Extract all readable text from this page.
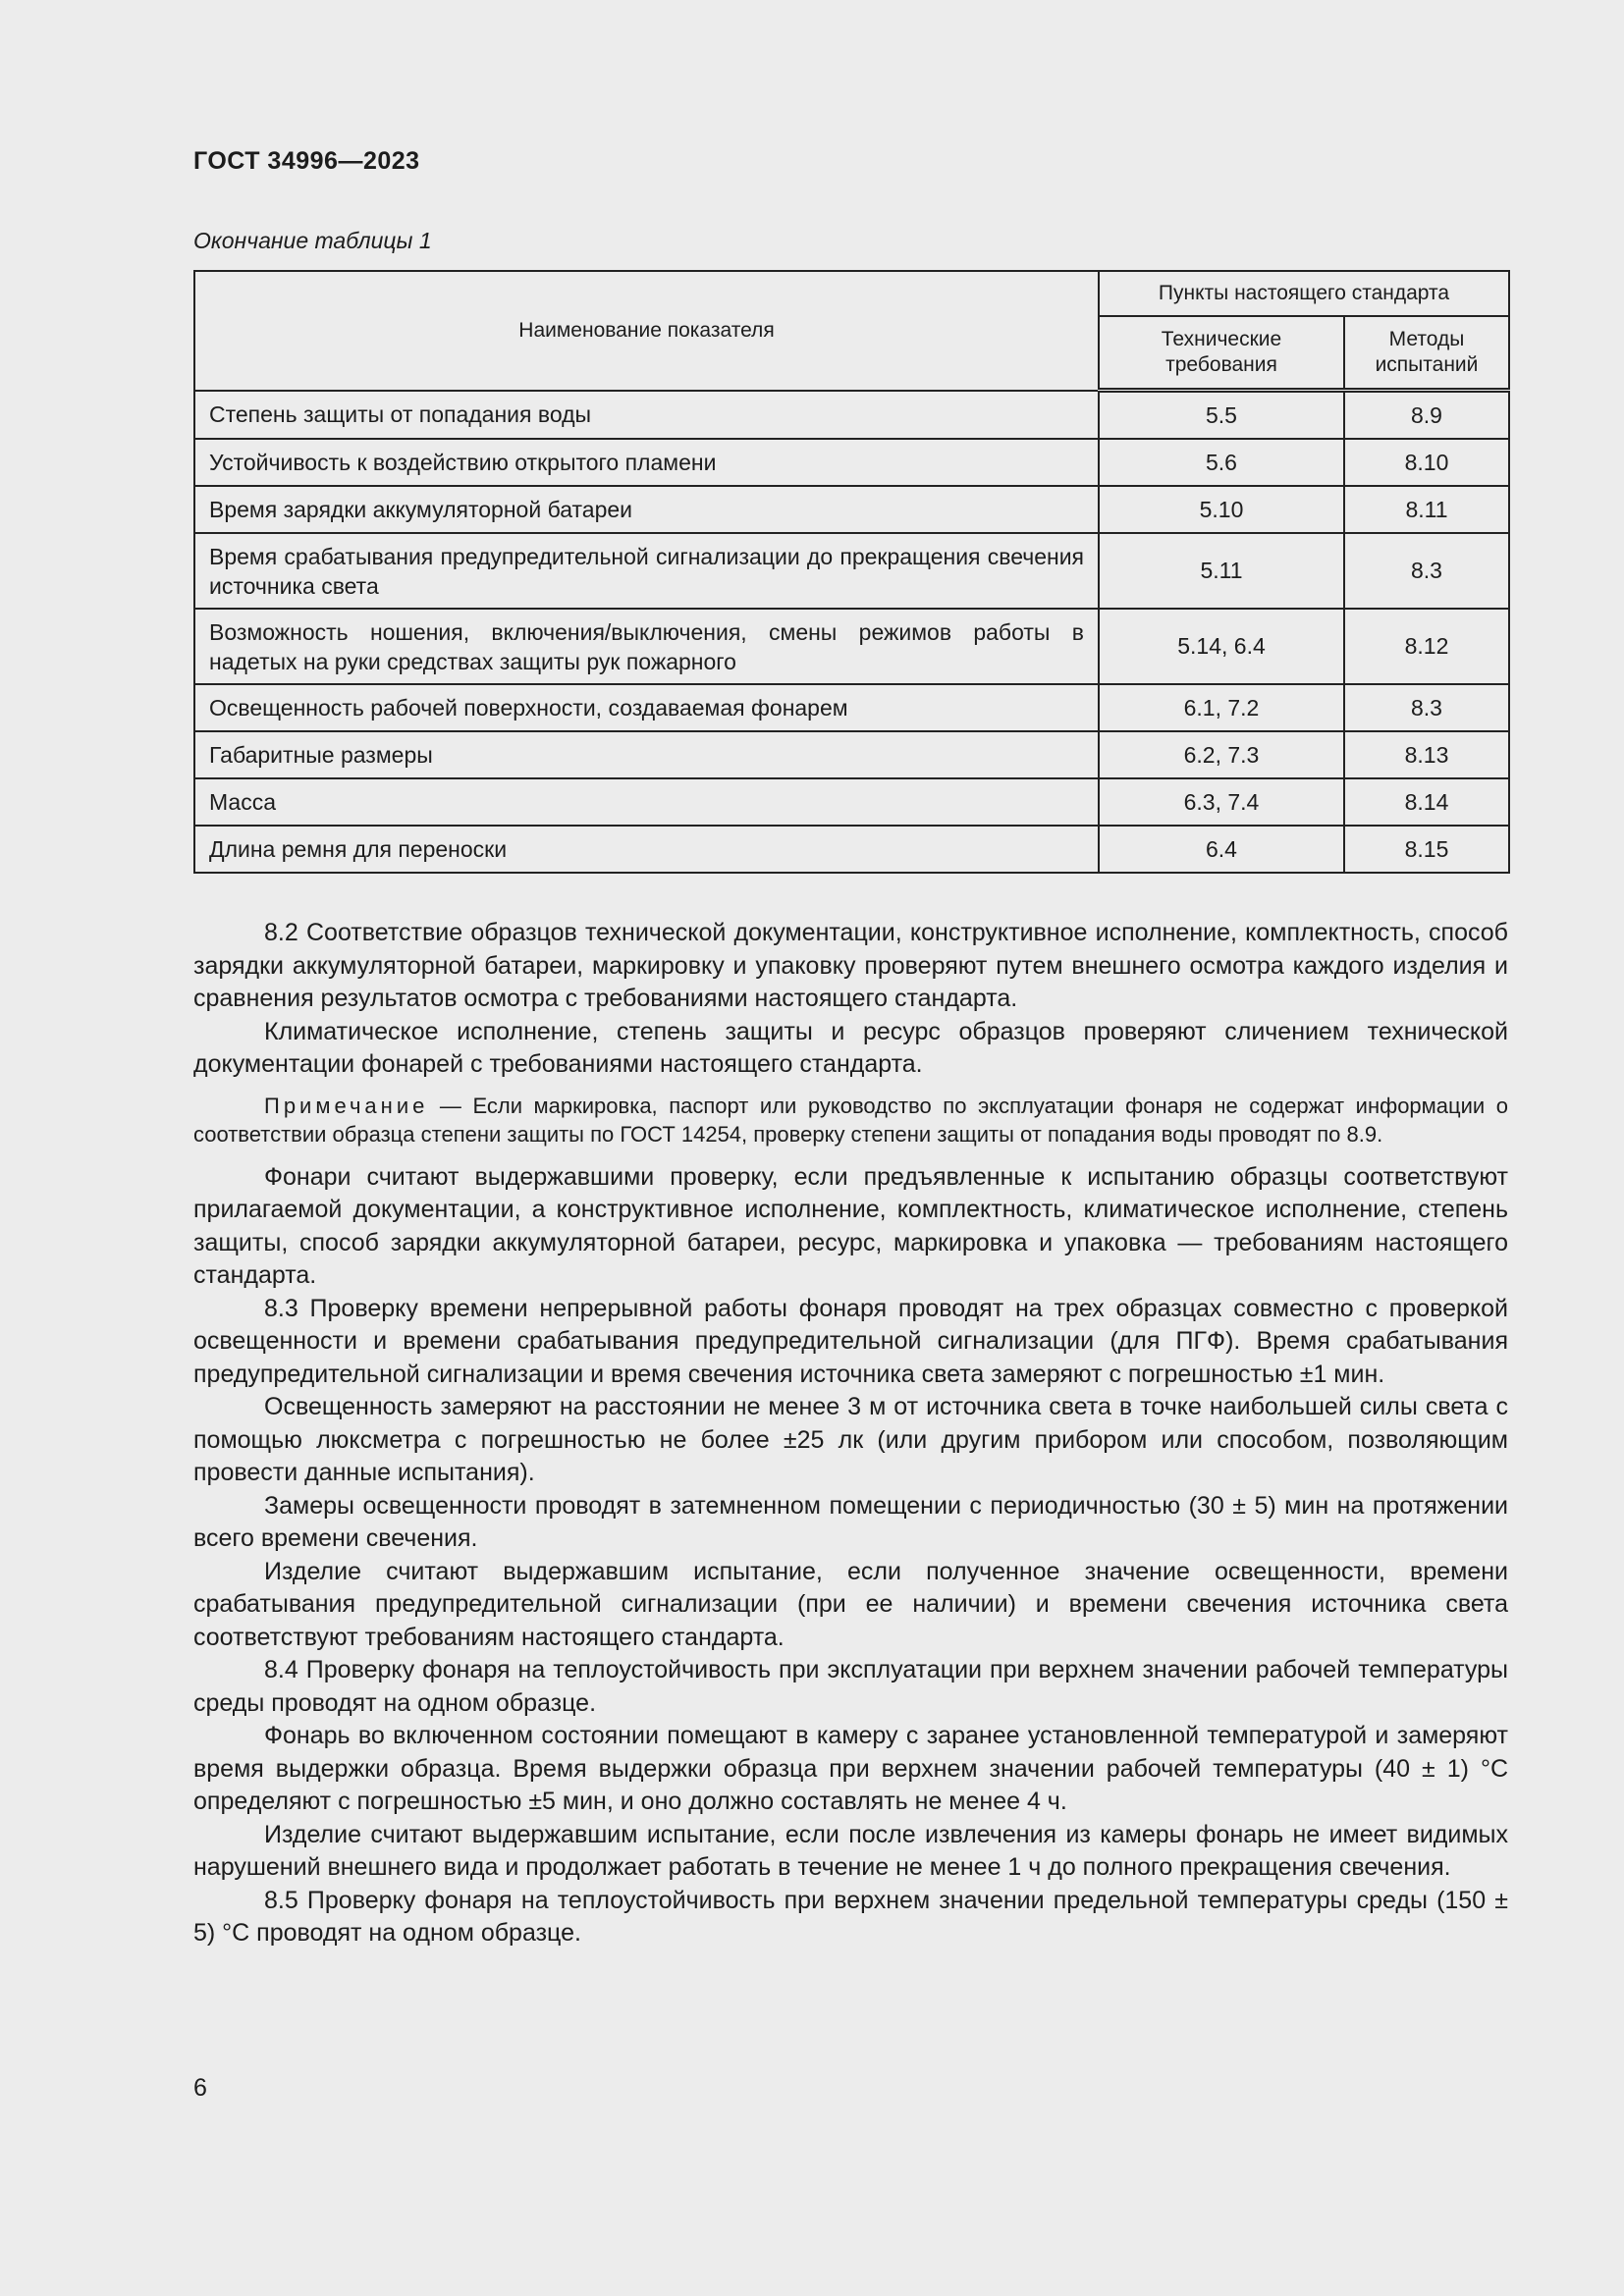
ГОСТ 34996—2023
Окончание таблицы 1
Наименование показателя	Пункты настоящего стандарта	
	Технические требования	Методы испытаний
Степень защиты от попадания воды	5.5	8.9
Устойчивость к воздействию открытого пламени	5.6	8.10
Время зарядки аккумуляторной батареи	5.10	8.11
Время срабатывания предупредительной сигнализации до прекращения свечения источника света	5.11	8.3
Возможность ношения, включения/выключения, смены режимов работы в надетых на руки средствах защиты рук пожарного	5.14, 6.4	8.12
Освещенность рабочей поверхности, создаваемая фонарем	6.1, 7.2	8.3
Габаритные размеры	6.2, 7.3	8.13
Масса	6.3, 7.4	8.14
Длина ремня для переноски	6.4	8.15

8.2 Соответствие образцов технической документации, конструктивное исполнение, комплектность, способ зарядки аккумуляторной батареи, маркировку и упаковку проверяют путем внешнего осмотра каждого изделия и сравнения результатов осмотра с требованиями настоящего стандарта.

Климатическое исполнение, степень защиты и ресурс образцов проверяют сличением технической документации фонарей с требованиями настоящего стандарта.

Примечание — Если маркировка, паспорт или руководство по эксплуатации фонаря не содержат информации о соответствии образца степени защиты по ГОСТ 14254, проверку степени защиты от попадания воды проводят по 8.9.

Фонари считают выдержавшими проверку, если предъявленные к испытанию образцы соответствуют прилагаемой документации, а конструктивное исполнение, комплектность, климатическое исполнение, степень защиты, способ зарядки аккумуляторной батареи, ресурс, маркировка и упаковка — требованиям настоящего стандарта.

8.3 Проверку времени непрерывной работы фонаря проводят на трех образцах совместно с проверкой освещенности и времени срабатывания предупредительной сигнализации (для ПГФ). Время срабатывания предупредительной сигнализации и время свечения источника света замеряют с погрешностью ±1 мин.

Освещенность замеряют на расстоянии не менее 3 м от источника света в точке наибольшей силы света с помощью люксметра с погрешностью не более ±25 лк (или другим прибором или способом, позволяющим провести данные испытания).

Замеры освещенности проводят в затемненном помещении с периодичностью (30 ± 5) мин на протяжении всего времени свечения.

Изделие считают выдержавшим испытание, если полученное значение освещенности, времени срабатывания предупредительной сигнализации (при ее наличии) и времени свечения источника света соответствуют требованиям настоящего стандарта.

8.4 Проверку фонаря на теплоустойчивость при эксплуатации при верхнем значении рабочей температуры среды проводят на одном образце.

Фонарь во включенном состоянии помещают в камеру с заранее установленной температурой и замеряют время выдержки образца. Время выдержки образца при верхнем значении рабочей температуры (40 ± 1) °С определяют с погрешностью ±5 мин, и оно должно составлять не менее 4 ч.

Изделие считают выдержавшим испытание, если после извлечения из камеры фонарь не имеет видимых нарушений внешнего вида и продолжает работать в течение не менее 1 ч до полного прекращения свечения.

8.5 Проверку фонаря на теплоустойчивость при верхнем значении предельной температуры среды (150 ± 5) °С проводят на одном образце.

6
